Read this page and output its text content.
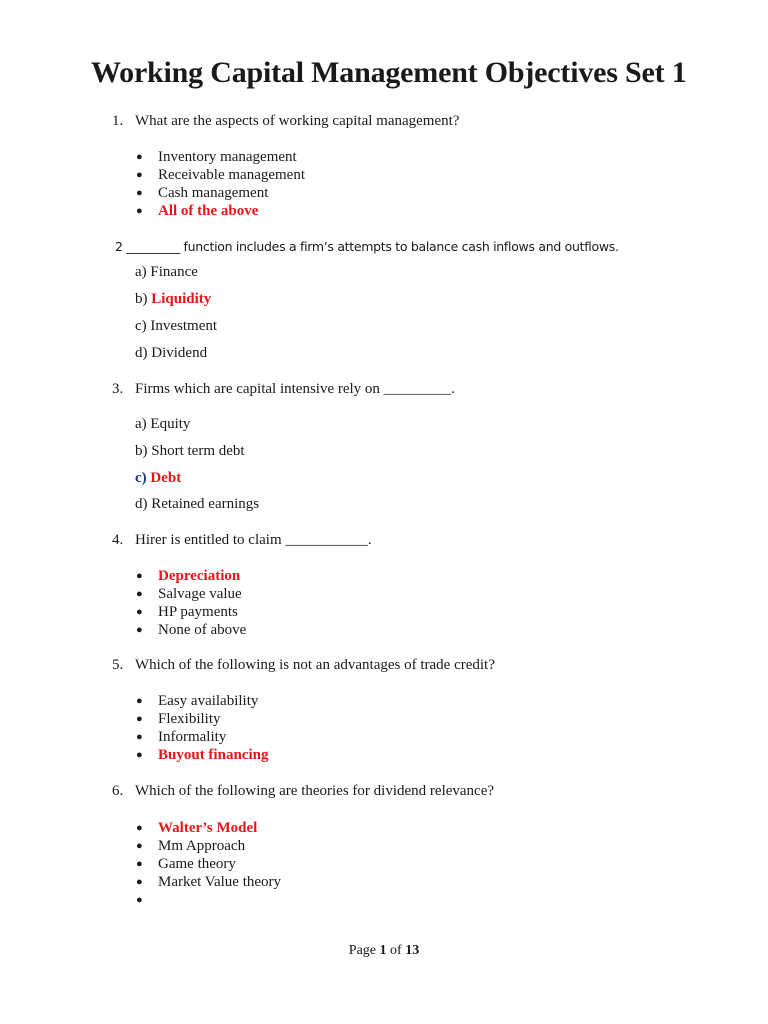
Working Capital Management Objectives Set 1
1. What are the aspects of working capital management?
● Inventory management
● Receivable management
● Cash management
● All of the above
2 _________ function includes a firm’s attempts to balance cash inflows and outflows.
a) Finance
b) Liquidity
c) Investment
d) Dividend
3. Firms which are capital intensive rely on _________.
a) Equity
b) Short term debt
c) Debt
d) Retained earnings
4. Hirer is entitled to claim ___________.
● Depreciation
● Salvage value
● HP payments
● None of above
5. Which of the following is not an advantages of trade credit?
● Easy availability
● Flexibility
● Informality
● Buyout financing
6. Which of the following are theories for dividend relevance?
● Walter’s Model
● Mm Approach
● Game theory
● Market Value theory
●
Page 1 of 13
